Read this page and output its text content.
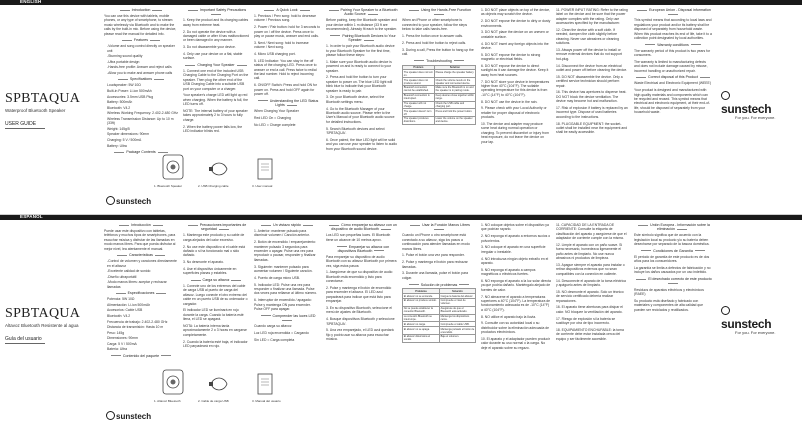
ENGLISH
SPBTAQUA
Waterproof Bluetooth Speaker
USER GUIDE
Introduction

You can use this device with tablets, mobile phones, or any type of smartphone, to stream music wirelessly via Bluetooth and to make the calls by the built-in mic. Before using the device, please read the manual for detailed info.

Features
-Volume and song control directly on speaker unit
-Stunning sound quality
-Ultra portable design
-Hands-free profile: Answer and reject calls
-Allow you to make and answer phone calls
Specifications
Loudspeaker: 5W 10Ω
Built-in Power: Li-ion 500mAh
Accessories: 3.5mm USB Plug
Battery: 500mAh
Bluetooth: V4.2
Wireless Working Frequency: 2.402-2.480 GHz
Wireless Transmission Distance: Up to 10 m (33ft)
Weight: 145g/5
Speaker dimensions: 90mm
Charging: 5 V / 500mA
Battery: Ultra
Package Contents
Important Safety Precautions

1. Keep the product and its charging cables away from extreme heat.

2. Do not operate the device with a damaged cable or after it has malfunctioned or been damaged in any manner.

3. Do not disassemble your device.

4. Only use your device on a flat, stable surface.

Charging Your Speaker

1. Connect one end of the included USB Charging Cable to the Charging Port on the speaker. Then plug the other end of the USB Charging Cable into a suitable USB port on your computer or a charger.

Your speaker's charge LED will light up red when charging. When the battery is full, the LED turns off.

NOTE: The internal battery of your speaker takes approximately 2 to 3 hours to fully charge.

2. When the battery power falls low, the LED indicator blinks red.

A Quick Look

1. Previous / Prev song: hold to decrease volume / Previous song.

2. Power / Pair button: hold for 3 seconds to power on / off the device. Press once to play or pause music, answer and end calls.

3. Next / Next song: hold to increase volume / Next song.

4. Micro USB charging port.

5. LED Indicator: You can stay in the off status of the charging LED. Press once to answer or end a call. Press twice to redial the last number. Hold to reject incoming call.

6. ON/OFF Switch: Press and hold ON for power on. Press and hold OFF again for power off.

Understanding the LED Status Lights

When Charging Your Speaker

Red LED On = Charging

No LED = Charge complete

Pairing Your Speaker to a Bluetooth Audio Source

Before pairing, keep the Bluetooth speaker and your device within 1 m distance (33 ft are recommended). Already fit each to the speaker.

Pairing Bluetooth Devices to Your Speaker

1. In order to pair your Bluetooth audio device to your Bluetooth Speaker for the first time, please follow these steps:

1. Make sure your Bluetooth audio device is powered on and is ready to connect to your speaker.

2. Press and hold the button to turn your speaker to power on. The blue LED light will blink blue to indicate that your Bluetooth speaker is ready to pair.

3. On your Bluetooth device, select the Bluetooth settings menu.

4. Go to the Bluetooth Manager of your Bluetooth audio source. Please refer to the User's Manual of your Bluetooth audio source for detailed instructions.

5. Search Bluetooth devices and select 'SPBTAQUA'.

6. Once paired, the blue LED light will be solid and you can use your speaker to listen to audio from your Bluetooth sound device.

Using the Hands-Free Function

When an iPhone or other smartphone is connected to your speaker, follow the steps below to take calls hands-free.

1. Press the button once to answer calls.

2. Press and hold the button to reject calls.

3. During a call, Press the button to hang up the call.

Troubleshooting
Problem	Solution
The speaker does not turn on.	Please charge the speaker battery.
The speaker does not produce sound.	Check the volume levels on the speaker and connected device.
Bluetooth connection cannot be established.	Make sure the Bluetooth is on and the speaker is in pairing mode.
Bluetooth connection is interrupted.	Keep devices close together within range.
The speaker will not charge.	Check the USB cable and charging port.
The speaker doesn't turn off.	Press and hold the power button.
The speaker produces distortions.	Lower the volume on the speaker and device.

1. DO NOT place objects on top of the device, as objects may scratch the device.

2. DO NOT expose the device to dirty or dusty environments.

3. DO NOT place the device on an uneven or unstable surface.

4. DO NOT insert any foreign objects into the device.

5. DO NOT expose the device to strong magnetic or electrical fields.

6. DO NOT expose the device to direct sunlight as it can damage the device. Keep it away from heat sources.

7. DO NOT store your device in temperatures higher than 40°C (104°F). The suitable operating temperature for this device is from -10°C (14°F) to 40°C (104°F).

8. DO NOT use the device in the rain.

9. Please check with your Local Authority or retailer for proper disposal of electronic products.

10. The device and adapter may produce some heat during normal operation or charging. To prevent discomfort or injury from heat exposure, do not leave the device on your lap.

11. POWER INPUT RATING: Refer to the rating label on the device and be sure that the power adapter complies with the rating. Only use accessories specified by the manufacturer.

12. Clean the device with a soft cloth. If needed, dampen the cloth slightly before cleaning. Never use abrasives or cleaning solutions.

13. Always power off the device to install or remove external devices that do not support hot-plug.

14. Disconnect the device from an electrical outlet and power off before cleaning the device.

15. DO NOT disassemble the device. Only a certified service technician should perform repair.

16. This device has apertures to disperse heat. DO NOT block the device ventilation. The device may become hot and malfunction.

17. Risk of explosion if battery is replaced by an incorrect type. Dispose of used batteries according to the instructions.

18. PLUGGABLE EQUIPMENT: the socket-outlet shall be installed near the equipment and shall be easily accessible.

European Union - Disposal information

This symbol means that according to local laws and regulations your product and/or its battery shall be disposed of separately from household waste. When this product reaches its end of life, take it to a collection point designated by local authorities.

Warranty conditions

The warranty period of this product is two years for consumers.

The warranty is limited to manufacturing defects and does not include damage caused by misuse, incorrect handling or unauthorized repair.

Correct disposal of this Product

Waste Electrical and Electronic Equipment (WEEE)

Your product is designed and manufactured with high quality materials and components which can be recycled and reused. This symbol means that electrical and electronic equipment, at their end-of-life, should be disposed of separately from your household waste.

1. Bluetooth Speaker	2. USB Charging cable	3. User manual
sunstech
sunstech
For you. For everyone.
ESPAÑOL
SPBTAQUA
Altavoz Bluetooth Resistente al agua
Guía del usuario
Introducción

Puede usar este dispositivo con tabletas, teléfonos y muchos tipos de smartphones, para escuchar música y disfrutar de las llamadas en modo manos libres. Para que pueda disfrutar al mejor nivel, lea atentamente el manual.

Características
-Control de volumen y canciones directamente en el altavoz
-Excelente calidad de sonido
-Diseño ultraportátil
-Modo manos libres: aceptar y rechazar llamadas
Especificaciones
Potencia: 5W 10Ω
Alimentación: Li-ion 500mAh
Accesorios: Cable USB
Bluetooth: V4.2
Frecuencia de trabajo: 2.402-2.480 GHz
Distancia de transmisión: Hasta 10 m
Peso: 145g
Dimensiones: 90mm
Carga: 5 V / 500mA
Batería: Ultra
Contenido del paquete
Precauciones importantes de seguridad

1. Mantenga este producto y su cable de carga alejados del calor excesivo.

2. No use este dispositivo si el cable está dañado o si ha funcionado mal o sido dañado.

3. No desmonte el aparato.

4. Use el dispositivo únicamente en superficies planas y estables.

Carga su altavoz

1. Conecte uno de los extremos del cable de carga USB al puerto de carga del altavoz. Luego conecte el otro extremo del cable en un puerto USB de su ordenador o cargador.

El indicador LED se iluminará en rojo durante la carga. Cuando la batería esté llena, el LED se apagará.

NOTA: La batería interna tarda aproximadamente 2 o 3 horas en cargarse completamente.

2. Cuando la batería esté baja, el indicador LED parpadeará en rojo.

Un vistazo rápido

1. Anterior: mantener pulsado para disminuir volumen / Canción anterior.

2. Botón de encendido / emparejamiento: mantener pulsado 3 segundos para encender o apagar. Pulse una vez para reproducir o pausar, responder y finalizar llamadas.

3. Siguiente: mantener pulsado para aumentar volumen / Siguiente canción.

4. Puerto de carga micro USB.

5. Indicador LED: Pulse una vez para responder o finalizar una llamada. Pulse dos veces para rellamar al último número.

6. Interruptor de encendido / apagado: Pulse y mantenga ON para encender. Pulse OFF para apagar.

Comprender las luces LED

Cuando carga su altavoz

Luz LED roja encendida = Cargando

Sin LED = Carga completa

Cómo emparejar su altavoz con un dispositivo de audio Bluetooth

Los LED son pequeñas luces. El Bluetooth tiene un alcance de 10 metros aprox.

Emparejar su altavoz con dispositivos Bluetooth

Para emparejar su dispositivo de audio Bluetooth con su altavoz Bluetooth por primera vez, siga estos pasos:

1. Asegúrese de que su dispositivo de audio Bluetooth está encendido y listo para conectarse.

2. Pulse y mantenga el botón de encendido para encender el altavoz. El LED azul parpadeará para indicar que está listo para emparejar.

3. En su dispositivo Bluetooth, seleccione el menú de ajustes de Bluetooth.

4. Busque dispositivos Bluetooth y seleccione 'SPBTAQUA'.

5. Una vez emparejado, el LED azul quedará fijo y podrá usar su altavoz para escuchar música.

Usar la Función Manos Libres

Cuando un iPhone u otro smartphone está conectado a su altavoz, siga los pasos a continuación para atender llamadas en modo manos libres.

1. Pulse el botón una vez para responder.

2. Pulse y mantenga el botón para rechazar llamadas.

3. Durante una llamada, pulse el botón para colgar.

Solución de problemas
Problema	Solución
El altavoz no se enciende.	Cargue la batería del altavoz.
El altavoz no produce sonido.	Compruebe el nivel de volumen.
No se puede establecer la conexión Bluetooth.	Asegúrese de que el Bluetooth está activado.
La conexión Bluetooth se interrumpe.	Mantenga los dispositivos cerca.
El altavoz no carga.	Compruebe el cable USB.
El altavoz no se apaga.	Mantenga pulsado el botón de encendido.
El altavoz distorsiona el sonido.	Baje el volumen.

1. NO coloque objetos sobre el dispositivo ya que podrían rayarlo.

2. NO exponga el aparato a entornos sucios o polvorientos.

3. NO coloque el aparato en una superficie irregular o inestable.

4. NO introduzca ningún objeto extraño en el aparato.

5. NO exponga el aparato a campos magnéticos o eléctricos fuertes.

6. NO exponga el aparato a la luz solar directa ya que podría dañarlo. Manténgalo alejado de fuentes de calor.

7. NO almacene el aparato a temperaturas superiores a 40°C (104°F). La temperatura de funcionamiento adecuada es de -10°C (14°F) a 40°C (104°F).

8. NO utilice el aparato bajo la lluvia.

9. Consulte con su autoridad local o su distribuidor sobre la eliminación adecuada de productos electrónicos.

10. El aparato y el adaptador pueden producir calor durante su uso normal o la carga. No deje el aparato sobre su regazo.

11. CAPACIDAD DE LA ENTRADA DE CORRIENTE: Consulte la etiqueta de clasificación del aparato y asegúrese de que el adaptador de corriente cumple con la misma.

12. Limpie el aparato con un paño suave. Si fuera necesario, humedezca ligeramente el paño antes de limpiarlo. No use nunca abrasivos ni productos de limpieza.

13. Apague siempre el aparato para instalar o retirar dispositivos externos que no sean compatibles con la conexión en caliente.

14. Desconecte el aparato de la toma eléctrica y apáguelo antes de limpiarlo.

15. NO desmonte el aparato. Solo un técnico de servicio certificado debería realizar reparaciones.

16. El aparato tiene aberturas para disipar el calor. NO bloquee la ventilación del aparato.

17. Riesgo de explosión si la batería se sustituye por otra de tipo incorrecto.

18. EQUIPAMIENTO ENCHUFABLE: la toma de corriente debe estar instalada cerca del equipo y ser fácilmente accesible.

Unión Europea - Información sobre la eliminación

Este símbolo significa que de acuerdo con la legislación local su producto y/o su batería deben desecharse por separado de la basura doméstica.

Condiciones de Garantía

El periodo de garantía de este producto es de dos años para los consumidores.

La garantía se limita a defectos de fabricación y no incluye los daños causados por un uso indebido.

El desechado correcto de este producto

Residuos de aparatos eléctricos y electrónicos (RAEE)

Su producto está diseñado y fabricado con materiales y componentes de alta calidad que pueden ser reciclados y reutilizados.

1. Altavoz Bluetooth	2. Cable de carga USB	3. Manual del usuario
sunstech
sunstech
For you. For everyone.
